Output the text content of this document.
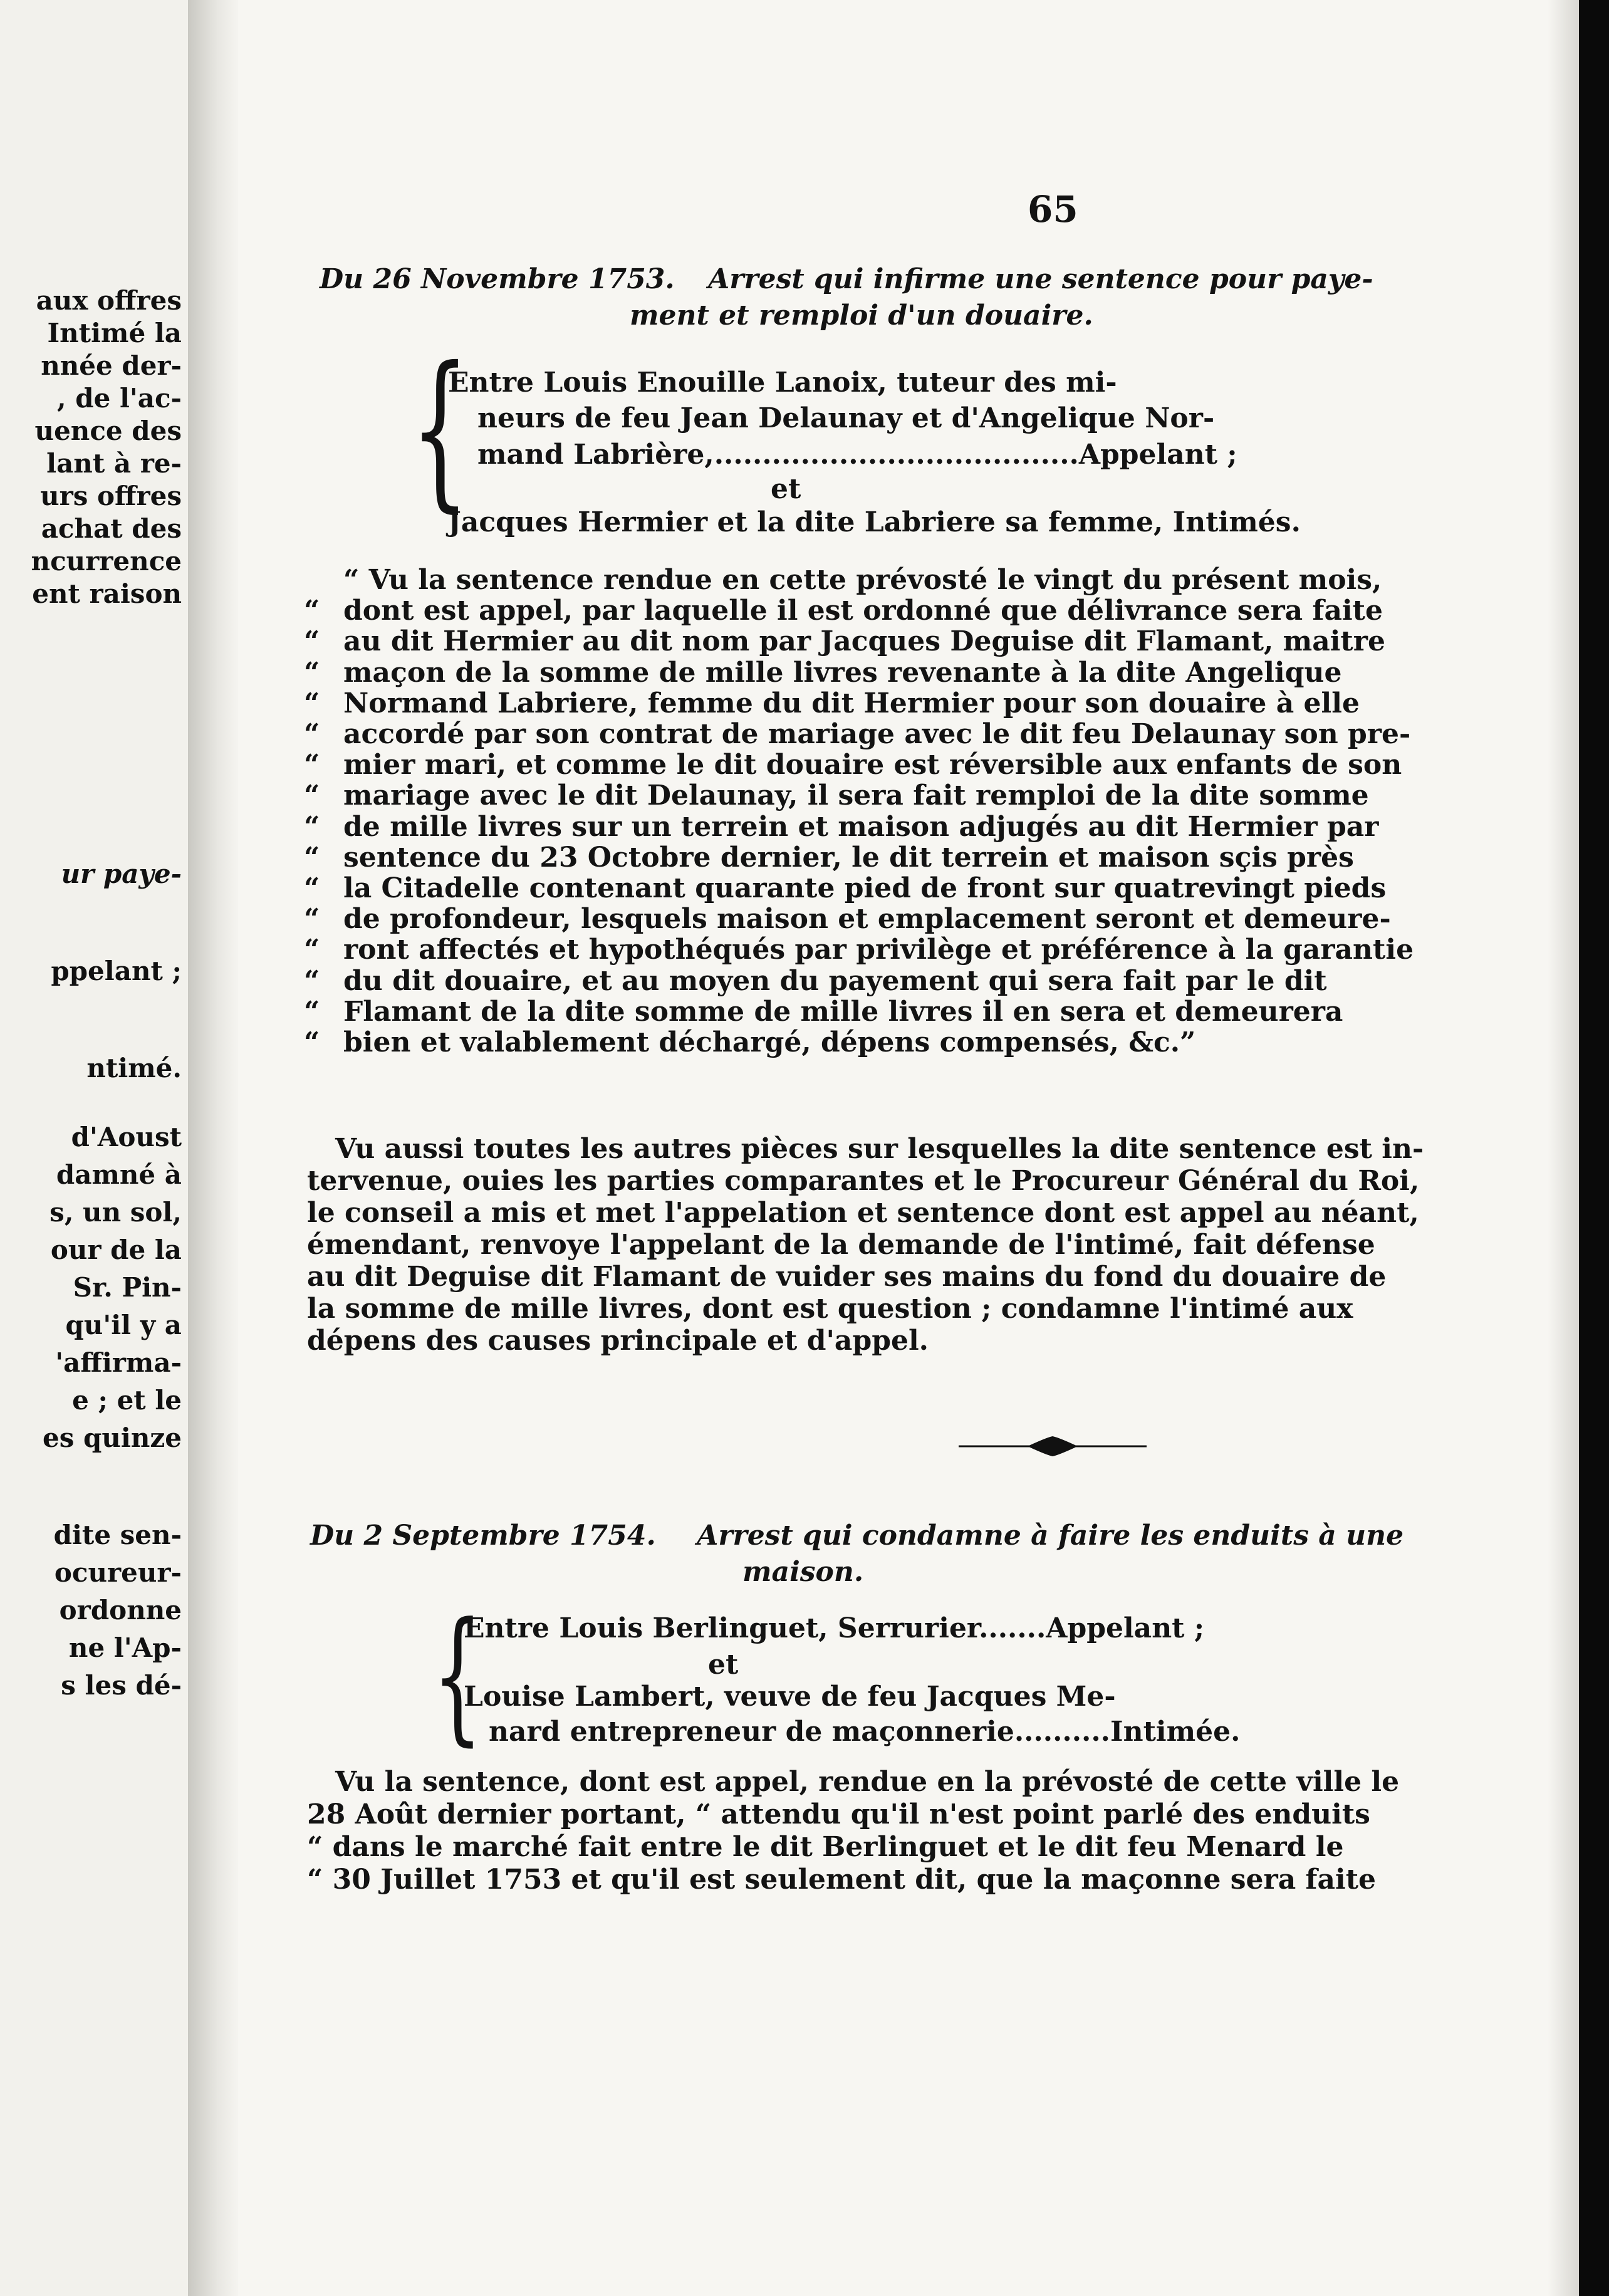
aux offres
Intimé la
nnée der-
, de l'ac-
uence des
lant à re-
urs offres
achat des
ncurrence
ent raison
ur paye-
ppelant ;
ntimé.
d'Aoust
damné à
s, un sol,
our de la
Sr. Pin-
qu'il y a
'affirma-
e ; et le
es quinze
dite sen-
ocureur-
ordonne
ne l'Ap-
s les dé-
65
Du 26 Novembre 1753. Arrest qui infirme une sentence pour paye-
ment et remploi d'un douaire.
{
Entre Louis Enouille Lanoix, tuteur des mi-
neurs de feu Jean Delaunay et d'Angelique Nor-
mand Labrière,......................................Appelant ;
et
Jacques Hermier et la dite Labriere sa femme, Intimés.
Du 2 Septembre 1754. Arrest qui condamne à faire les enduits à une
maison.
{
Entre Louis Berlinguet, Serrurier.......Appelant ;
et
Louise Lambert, veuve de feu Jacques Me-
nard entrepreneur de maçonnerie..........Intimée.
“ Vu la sentence rendue en cette prévosté le vingt du présent mois,
“ dont est appel, par laquelle il est ordonné que délivrance sera faite
“ au dit Hermier au dit nom par Jacques Deguise dit Flamant, maitre
“ maçon de la somme de mille livres revenante à la dite Angelique
“ Normand Labriere, femme du dit Hermier pour son douaire à elle
“ accordé par son contrat de mariage avec le dit feu Delaunay son pre-
“ mier mari, et comme le dit douaire est réversible aux enfants de son
“ mariage avec le dit Delaunay, il sera fait remploi de la dite somme
“ de mille livres sur un terrein et maison adjugés au dit Hermier par
“ sentence du 23 Octobre dernier, le dit terrein et maison sçis près
“ la Citadelle contenant quarante pied de front sur quatrevingt pieds
“ de profondeur, lesquels maison et emplacement seront et demeure-
“ ront affectés et hypothéqués par privilège et préférence à la garantie
“ du dit douaire, et au moyen du payement qui sera fait par le dit
“ Flamant de la dite somme de mille livres il en sera et demeurera
“ bien et valablement déchargé, dépens compensés, &c.”
Vu aussi toutes les autres pièces sur lesquelles la dite sentence est in-
tervenue, ouies les parties comparantes et le Procureur Général du Roi,
le conseil a mis et met l'appelation et sentence dont est appel au néant,
émendant, renvoye l'appelant de la demande de l'intimé, fait défense
au dit Deguise dit Flamant de vuider ses mains du fond du douaire de
la somme de mille livres, dont est question ; condamne l'intimé aux
dépens des causes principale et d'appel.
Vu la sentence, dont est appel, rendue en la prévosté de cette ville le
28 Août dernier portant, “ attendu qu'il n'est point parlé des enduits
“ dans le marché fait entre le dit Berlinguet et le dit feu Menard le
“ 30 Juillet 1753 et qu'il est seulement dit, que la maçonne sera faite
